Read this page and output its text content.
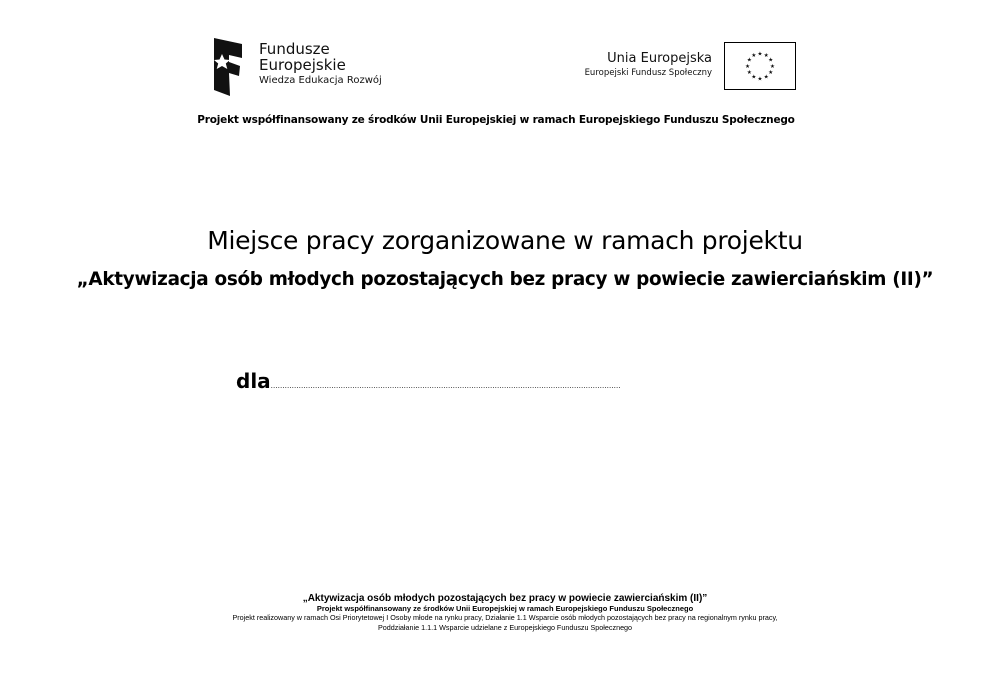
Fundusze
Europejskie
Wiedza Edukacja Rozwój
Unia Europejska
Europejski Fundusz Społeczny
★ ★
★
★
★
★
★
★
★
★
★
★
Projekt współfinansowany ze środków Unii Europejskiej w ramach Europejskiego Funduszu Społecznego
Miejsce pracy zorganizowane w ramach projektu
„Aktywizacja osób młodych pozostających bez pracy w powiecie zawierciańskim (II)”
dla……………………………………………………………………………………………………………………………………
„Aktywizacja osób młodych pozostających bez pracy w powiecie zawierciańskim (II)”
Projekt współfinansowany ze środków Unii Europejskiej w ramach Europejskiego Funduszu Społecznego
Projekt realizowany w ramach Osi Priorytetowej I Osoby młode na rynku pracy, Działanie 1.1 Wsparcie osób młodych pozostających bez pracy na regionalnym rynku pracy,
Poddziałanie 1.1.1 Wsparcie udzielane z Europejskiego Funduszu Społecznego
